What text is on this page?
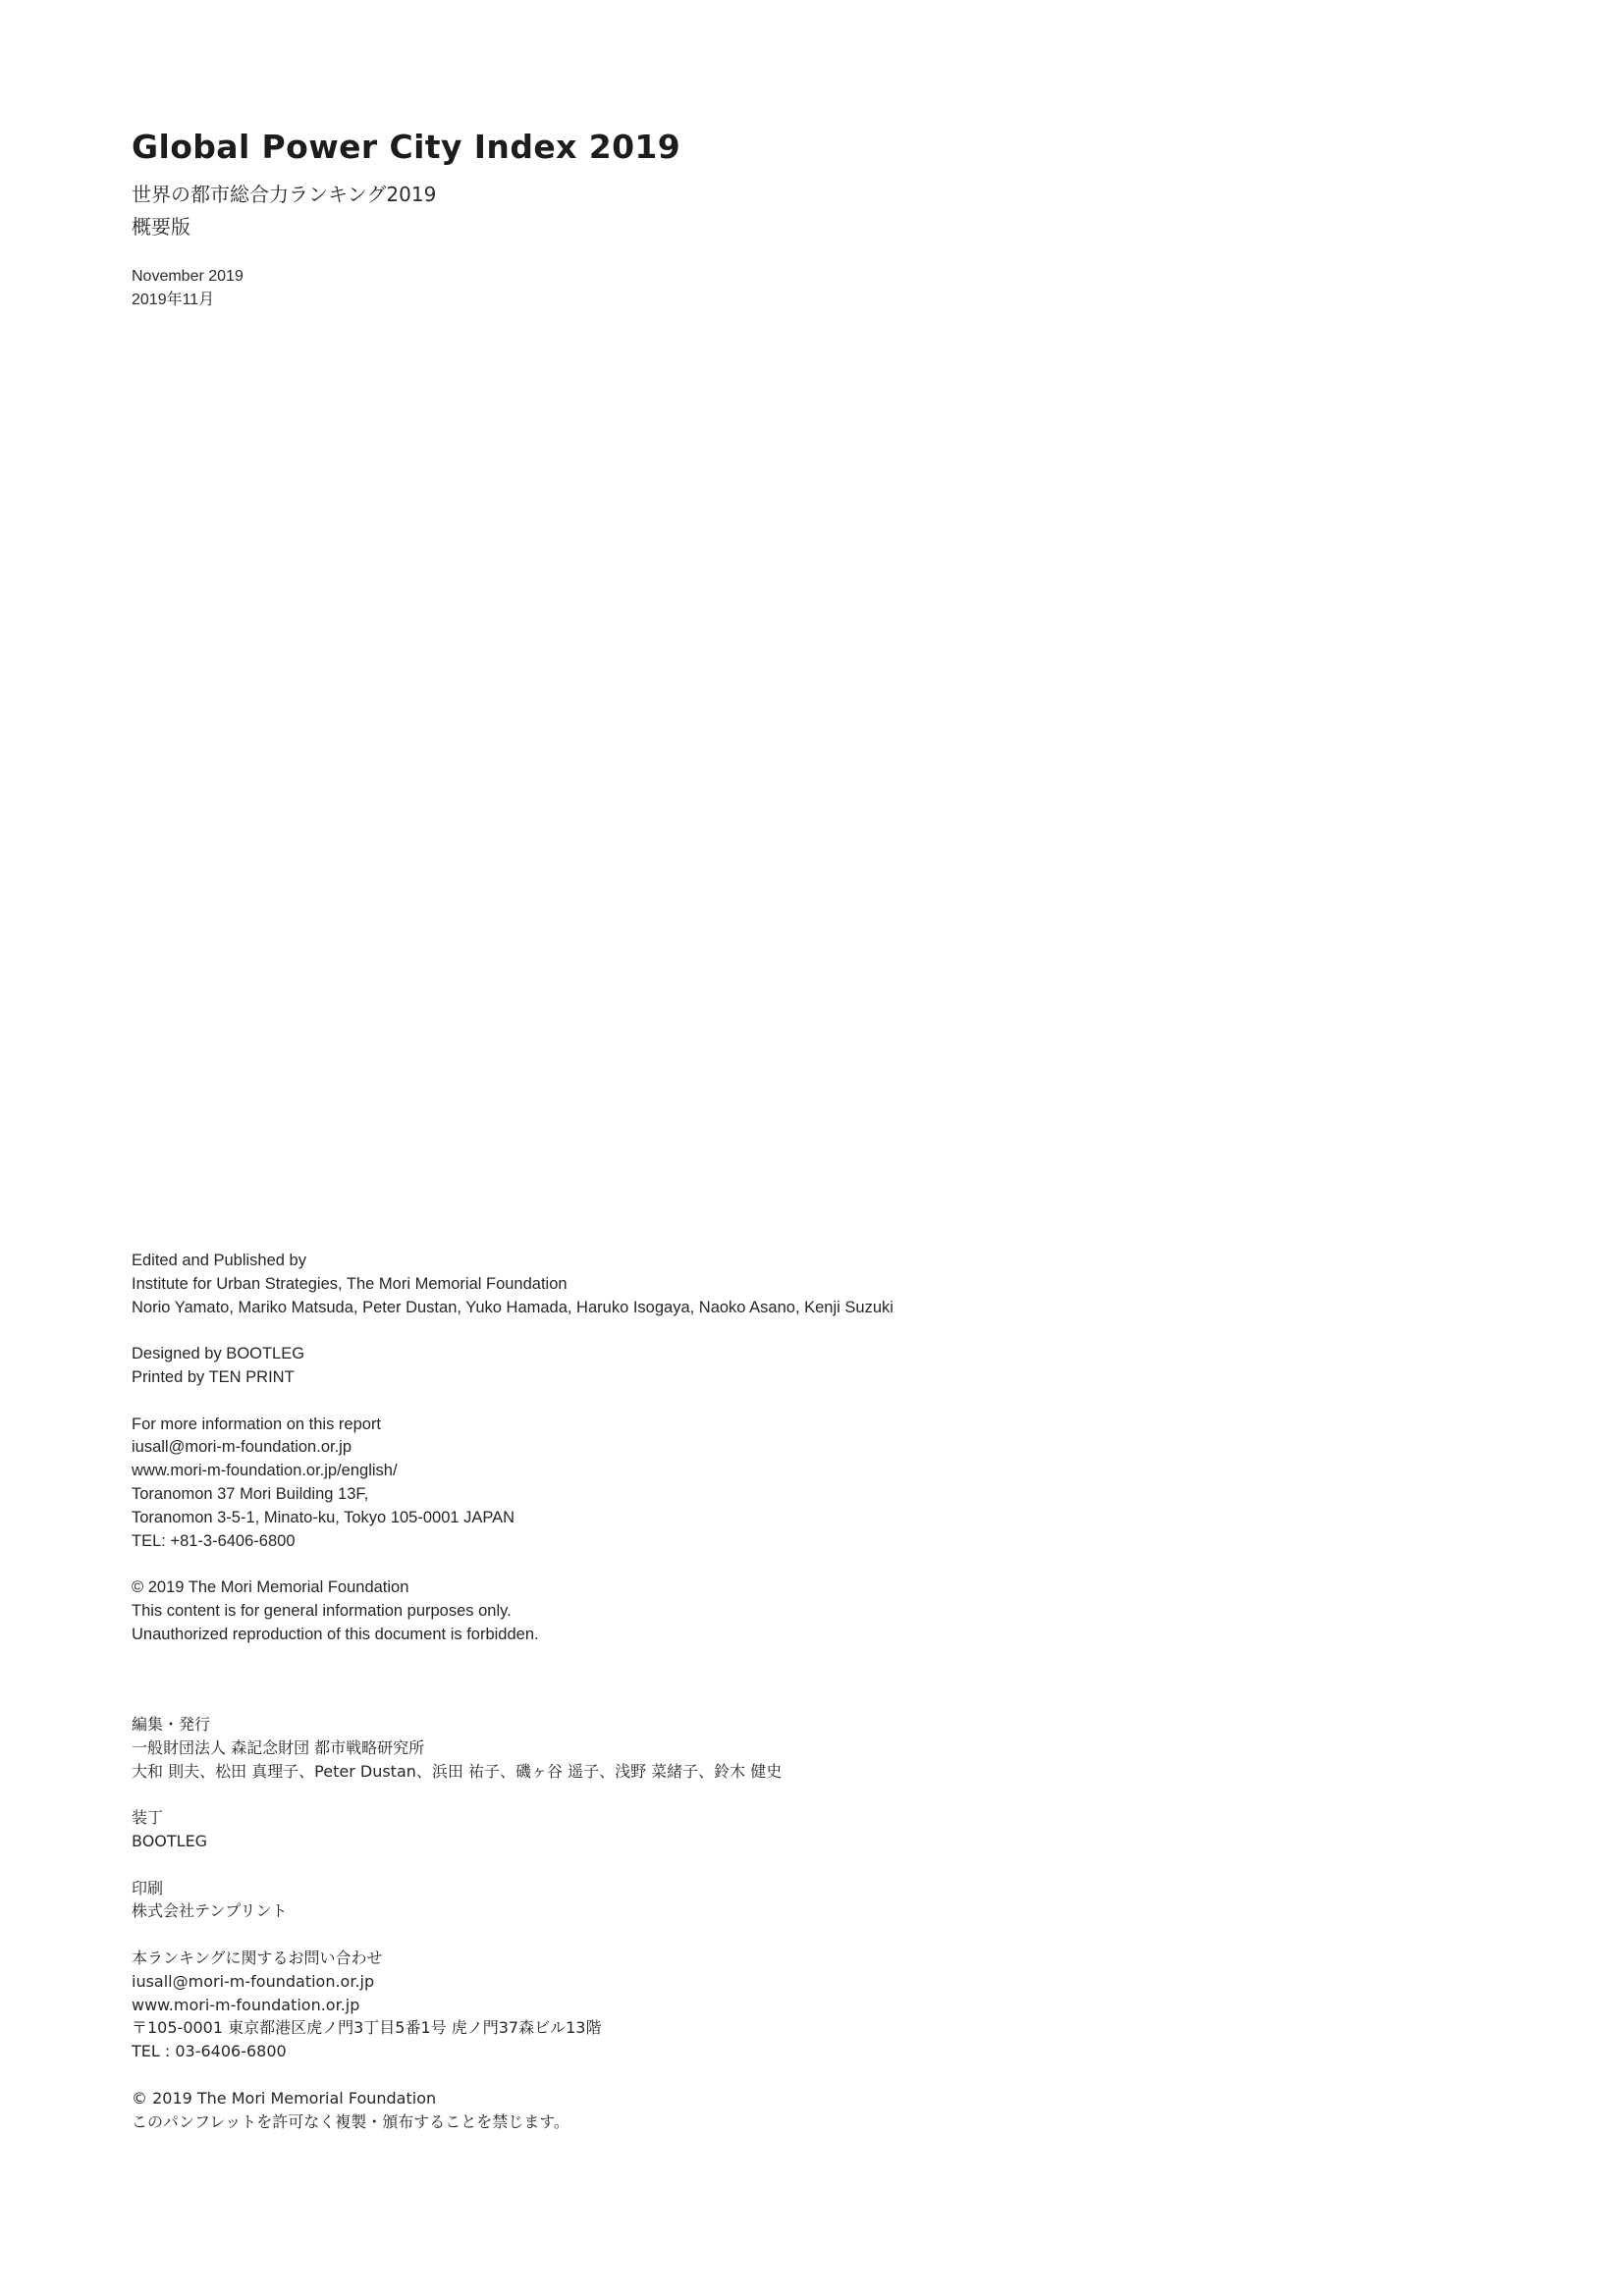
Global Power City Index 2019
世界の都市総合力ランキング2019
概要版
November 2019
2019年11月
Edited and Published by
Institute for Urban Strategies, The Mori Memorial Foundation
Norio Yamato, Mariko Matsuda, Peter Dustan, Yuko Hamada, Haruko Isogaya, Naoko Asano, Kenji Suzuki
Designed by BOOTLEG
Printed by TEN PRINT
For more information on this report
iusall@mori-m-foundation.or.jp
www.mori-m-foundation.or.jp/english/
Toranomon 37 Mori Building 13F,
Toranomon 3-5-1, Minato-ku, Tokyo 105-0001 JAPAN
TEL: +81-3-6406-6800
© 2019 The Mori Memorial Foundation
This content is for general information purposes only.
Unauthorized reproduction of this document is forbidden.
編集・発行
一般財団法人 森記念財団 都市戦略研究所
大和 則夫、松田 真理子、Peter Dustan、浜田 祐子、磯ヶ谷 遥子、浅野 菜緒子、鈴木 健史
装丁
BOOTLEG
印刷
株式会社テンプリント
本ランキングに関するお問い合わせ
iusall@mori-m-foundation.or.jp
www.mori-m-foundation.or.jp
〒105-0001 東京都港区虎ノ門3丁目5番1号 虎ノ門37森ビル13階
TEL : 03-6406-6800
© 2019 The Mori Memorial Foundation
このパンフレットを許可なく複製・頒布することを禁じます。
